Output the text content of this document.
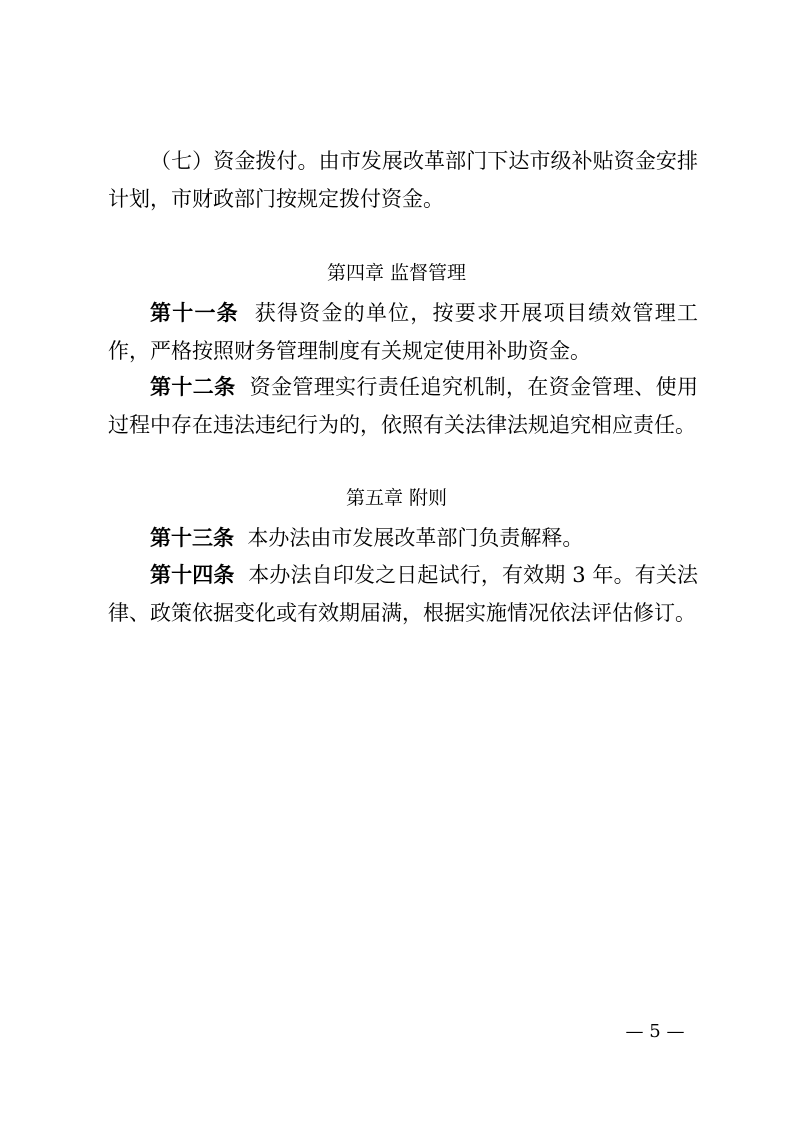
（七）资金拨付。由市发展改革部门下达市级补贴资金安排计划，市财政部门按规定拨付资金。

第四章 监督管理

第十一条 获得资金的单位，按要求开展项目绩效管理工作，严格按照财务管理制度有关规定使用补助资金。

第十二条 资金管理实行责任追究机制，在资金管理、使用过程中存在违法违纪行为的，依照有关法律法规追究相应责任。

第五章 附则

第十三条 本办法由市发展改革部门负责解释。

第十四条 本办法自印发之日起试行，有效期 3 年。有关法律、政策依据变化或有效期届满，根据实施情况依法评估修订。

— 5 —
